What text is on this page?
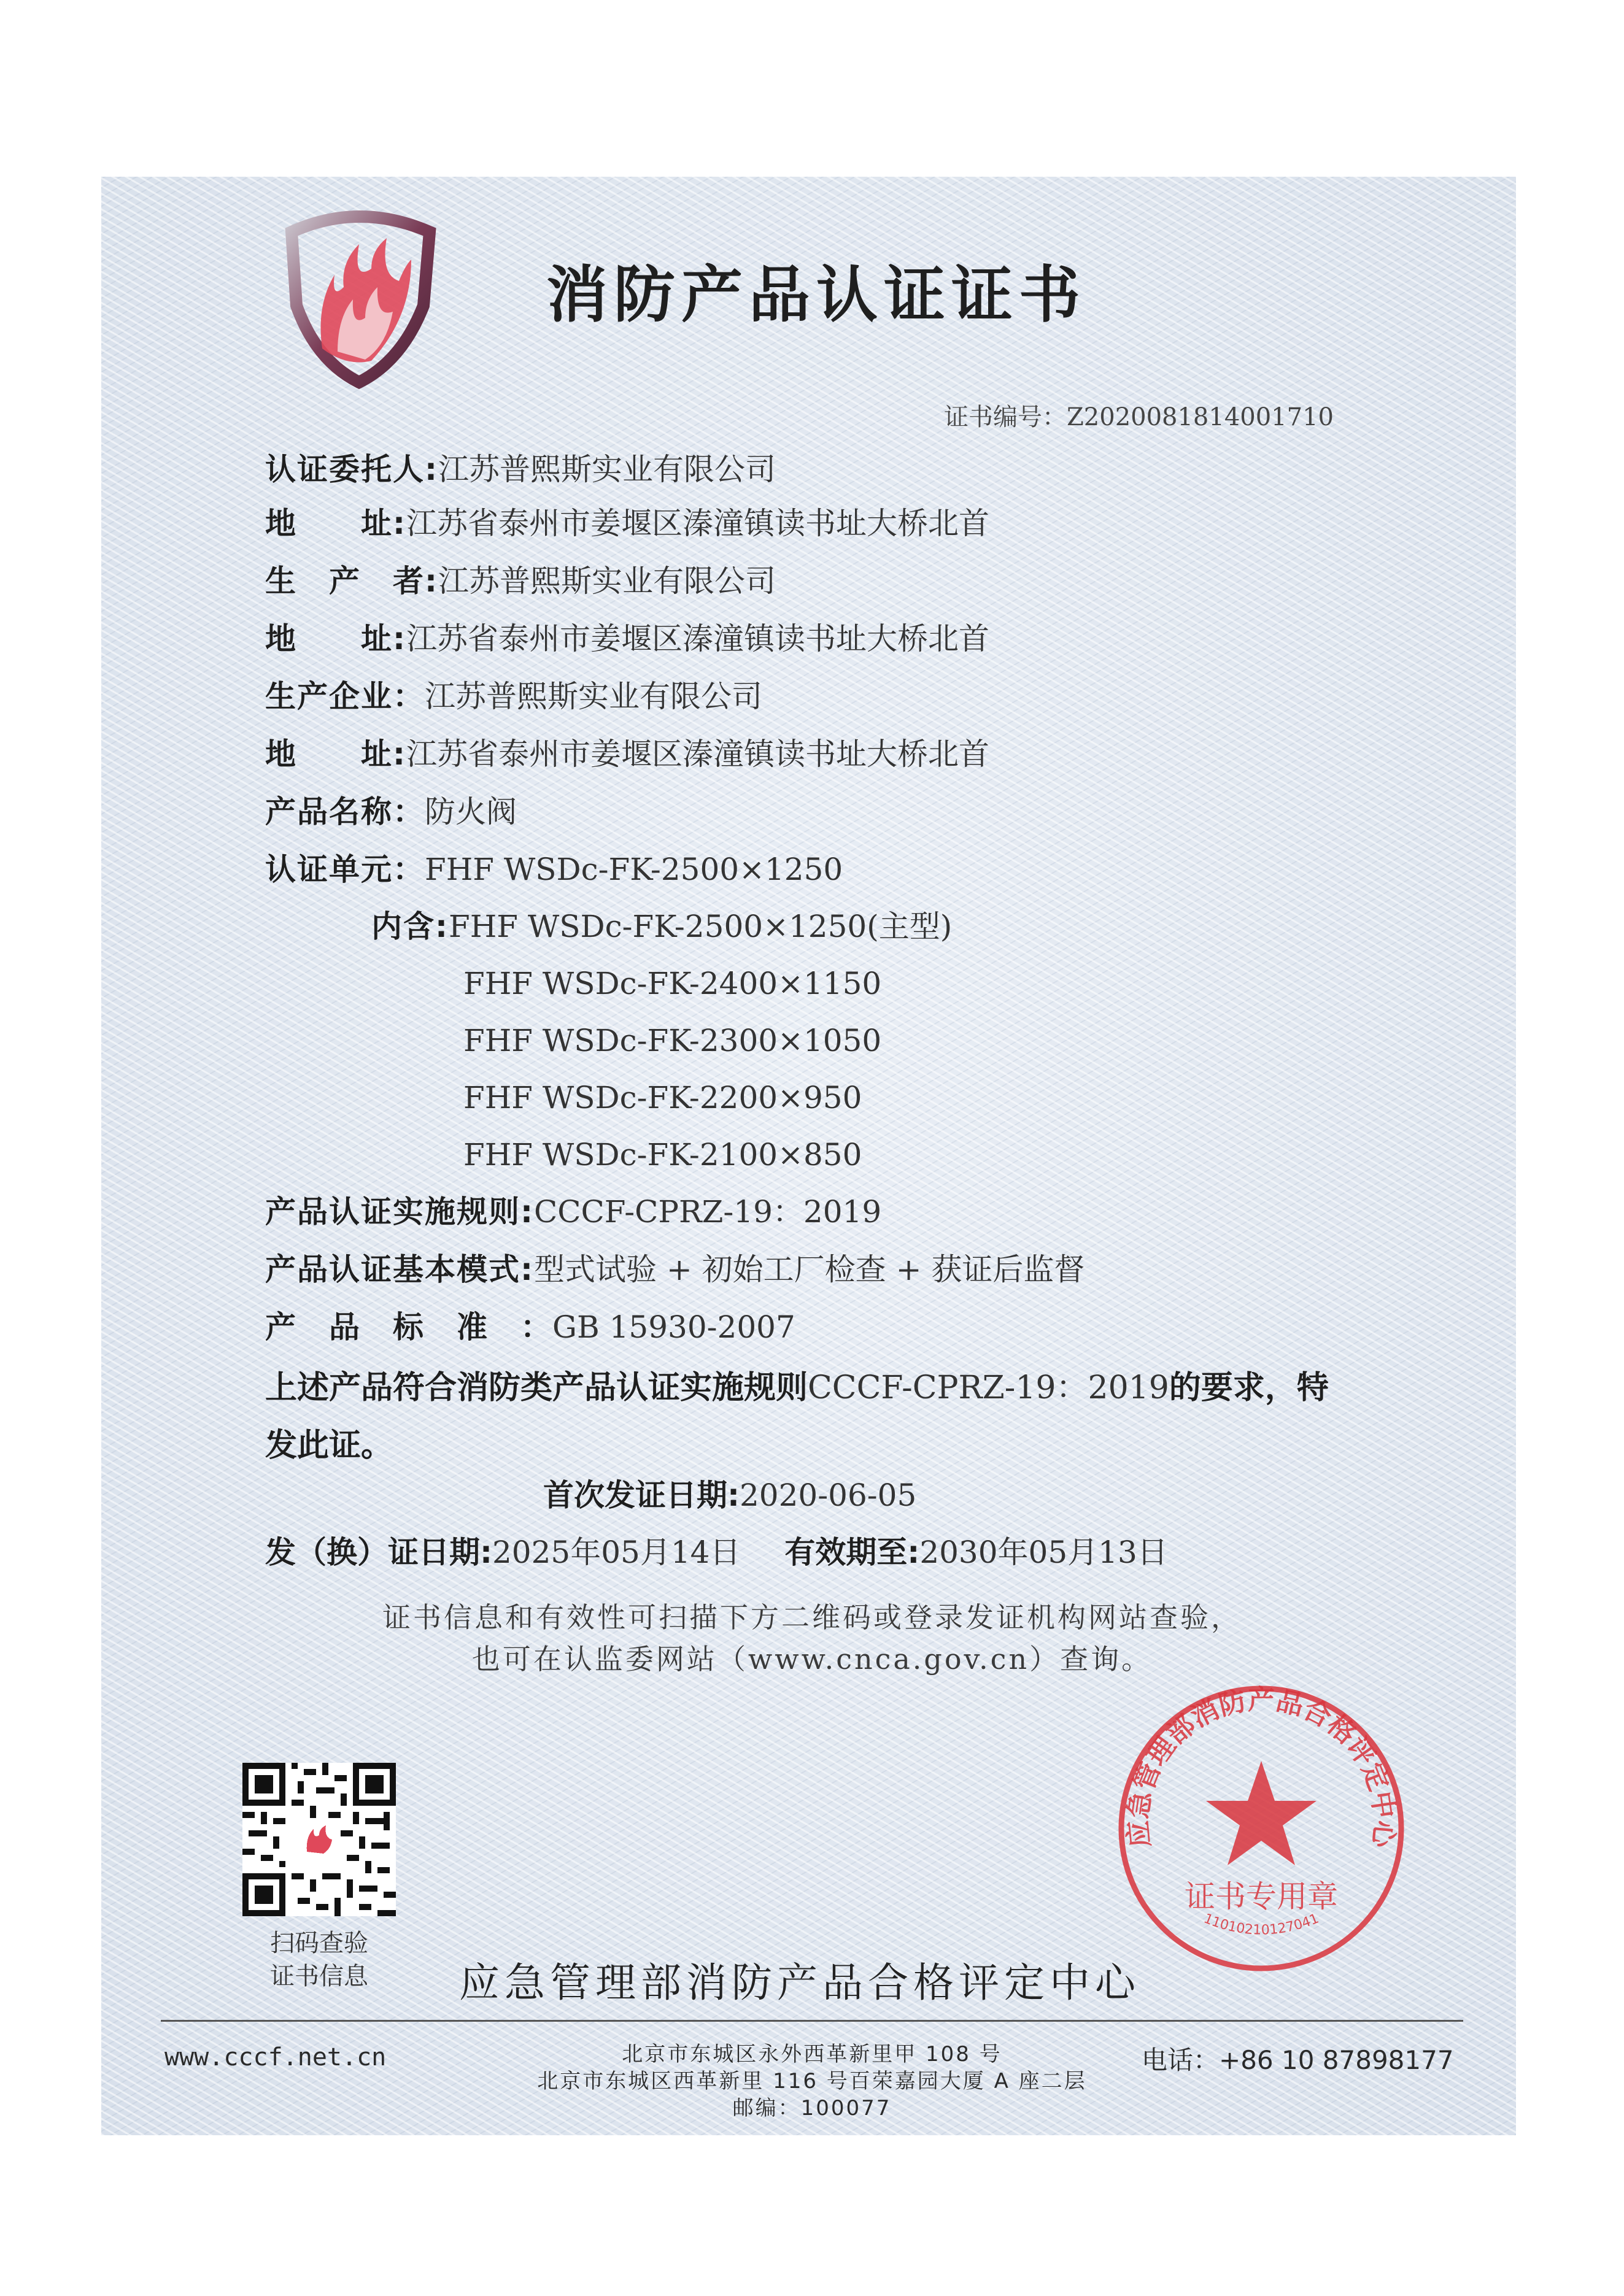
消防产品认证证书
证书编号：Z2020081814001710
认证委托人:江苏普熙斯实业有限公司
地　　址:江苏省泰州市姜堰区溱潼镇读书址大桥北首
生　产　者:江苏普熙斯实业有限公司
地　　址:江苏省泰州市姜堰区溱潼镇读书址大桥北首
生产企业：江苏普熙斯实业有限公司
地　　址:江苏省泰州市姜堰区溱潼镇读书址大桥北首
产品名称：防火阀
认证单元：FHF WSDc-FK-2500×1250
内含:FHF WSDc-FK-2500×1250(主型)
FHF WSDc-FK-2400×1150
FHF WSDc-FK-2300×1050
FHF WSDc-FK-2200×950
FHF WSDc-FK-2100×850
产品认证实施规则:CCCF-CPRZ-19：2019
产品认证基本模式:型式试验 + 初始工厂检查 + 获证后监督
产　品　标　准　：GB 15930-2007
上述产品符合消防类产品认证实施规则CCCF-CPRZ-19：2019的要求，特发此证。
首次发证日期:2020-06-05
发（换）证日期:2025年05月14日 有效期至:2030年05月13日
证书信息和有效性可扫描下方二维码或登录发证机构网站查验，
也可在认监委网站（www.cnca.gov.cn）查询。
扫码查验
证书信息	应急管理部消防产品合格评定中心
应急管理部消防产品合格评定中心
证书专用章
11010210127041
www.cccf.net.cn	北京市东城区永外西革新里甲 108 号
北京市东城区西革新里 116 号百荣嘉园大厦 A 座二层
邮编：100077
电话：+86 10 87898177
